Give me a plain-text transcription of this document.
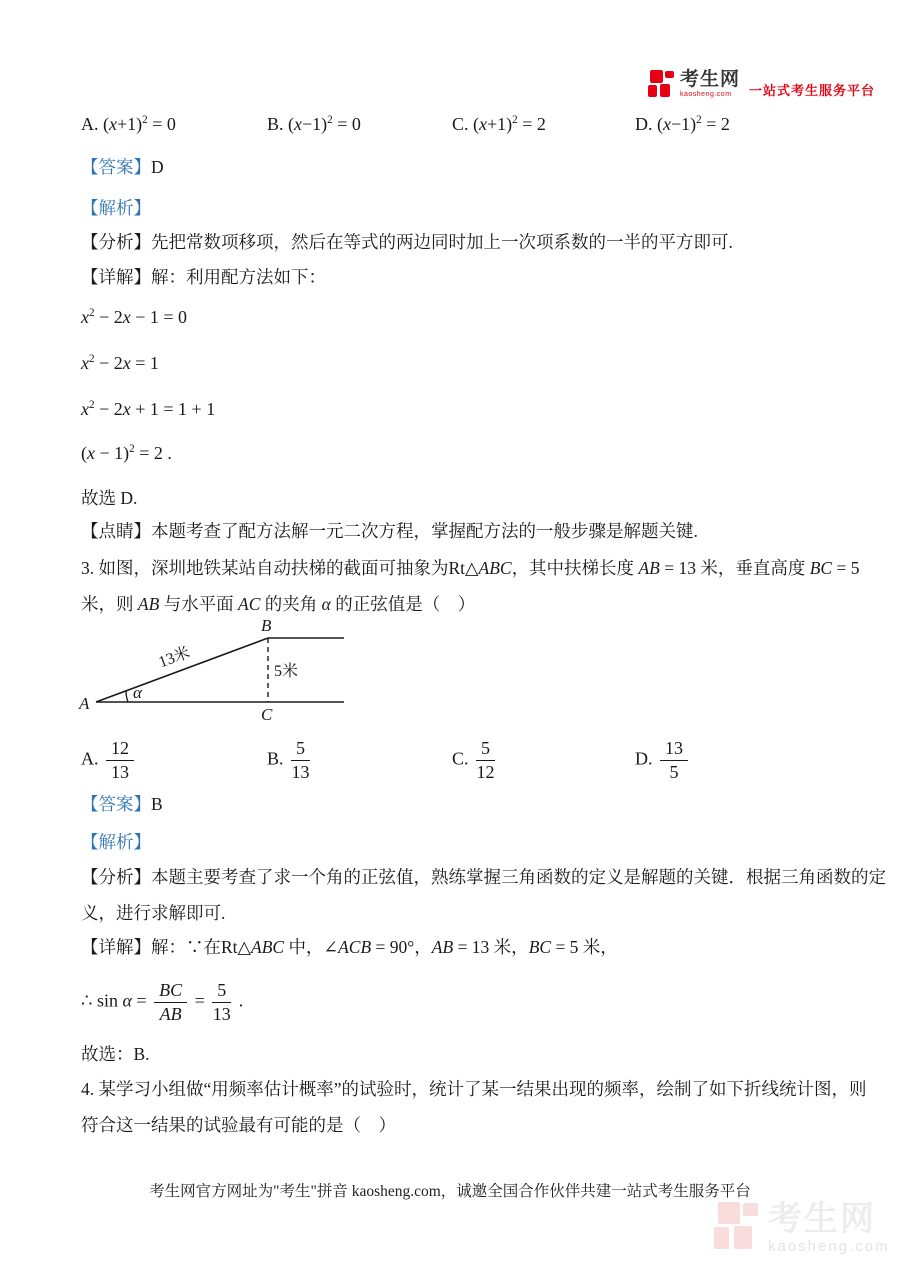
考生网
kaosheng.com	一站式考生服务平台
A. $(x+1)^2 = 0$	B. $(x-1)^2 = 0$	C. $(x+1)^2 = 2$	D. $(x-1)^2 = 2$
【答案】D
【解析】
【分析】先把常数项移项，然后在等式的两边同时加上一次项系数的一半的平方即可.
【详解】解：利用配方法如下：
$x^2 - 2x - 1 = 0$
$x^2 - 2x = 1$
$x^2 - 2x + 1 = 1 + 1$
$(x - 1)^2 = 2$ .
故选 D.
【点睛】本题考查了配方法解一元二次方程，掌握配方法的一般步骤是解题关键.
3. 如图，深圳地铁某站自动扶梯的截面可抽象为Rt△ABC，其中扶梯长度 AB = 13 米，垂直高度 BC = 5
米，则 AB 与水平面 AC 的夹角 α 的正弦值是（　）
A
B
C
α
13米
5米
A. $\frac{12}{13}$	B. $\frac{5}{13}$	C. $\frac{5}{12}$	D. $\frac{13}{5}$
【答案】B
【解析】
【分析】本题主要考查了求一个角的正弦值，熟练掌握三角函数的定义是解题的关键．根据三角函数的定
义，进行求解即可.
【详解】解：∵在Rt△ABC 中，∠ACB = 90°，AB = 13 米，BC = 5 米，
∴ $\sin \alpha = \frac{BC}{AB} = \frac{5}{13}$ .
故选：B.
4. 某学习小组做“用频率估计概率”的试验时，统计了某一结果出现的频率，绘制了如下折线统计图，则
符合这一结果的试验最有可能的是（　）
考生网官方网址为"考生"拼音 kaosheng.com，诚邀全国合作伙伴共建一站式考生服务平台
考生网
kaosheng.com
